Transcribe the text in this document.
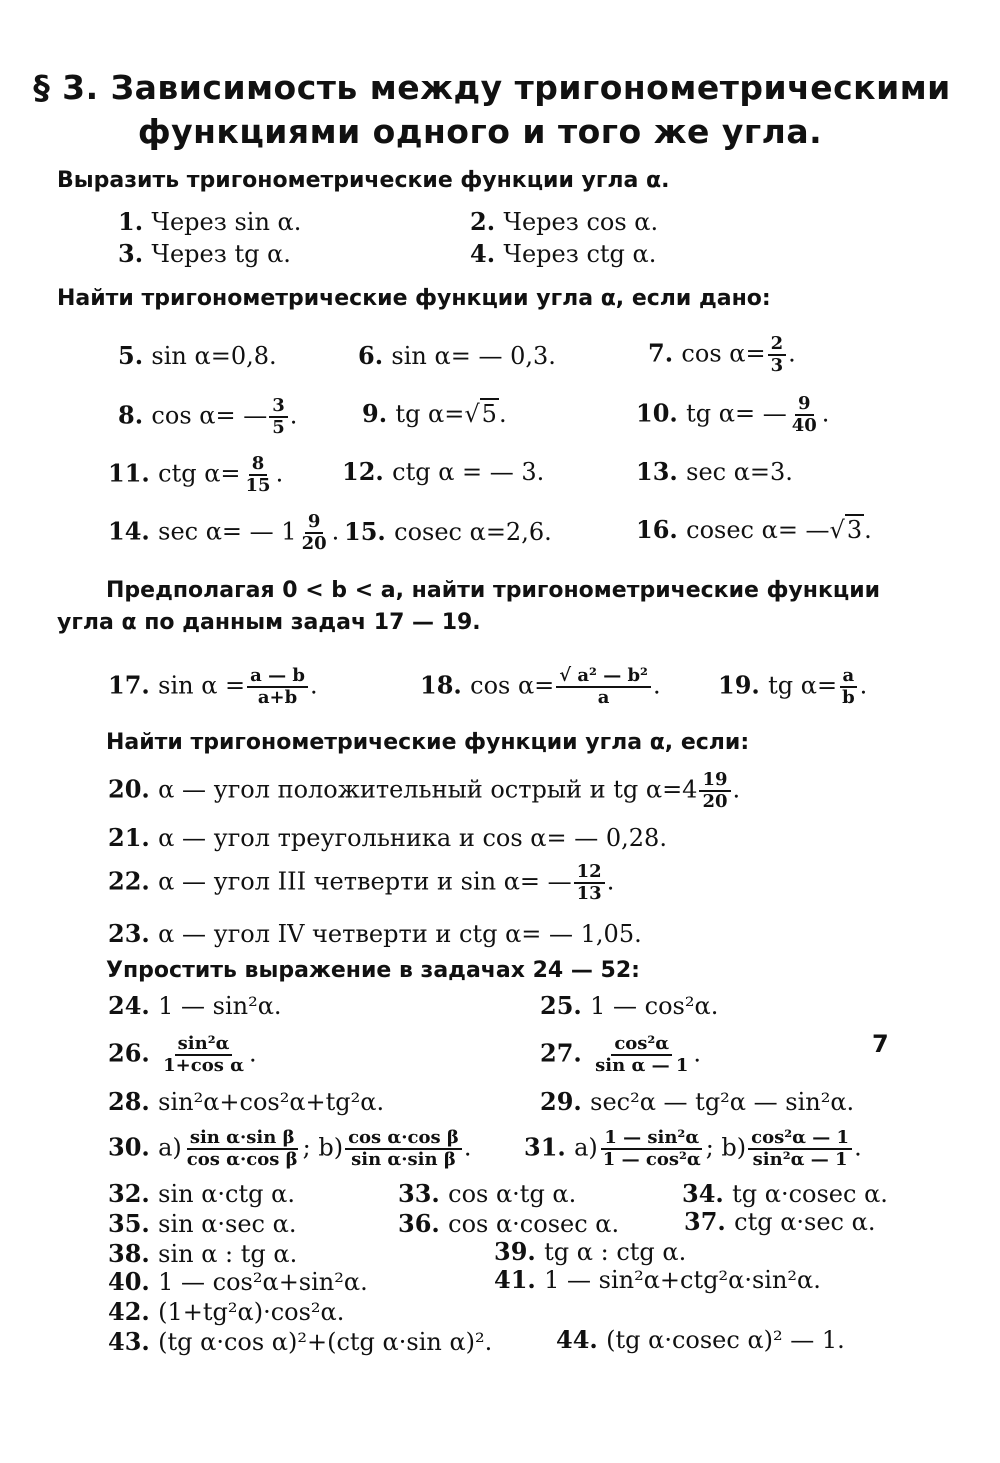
§ 3. Зависимость между тригонометрическими
функциями одного и того же угла.
Выразить тригонометрические функции угла α.
1. Через sin α.	2. Через cos α.
3. Через tg α.	4. Через ctg α.
Найти тригонометрические функции угла α, если дано:
5. sin α=0,8.	6. sin α= — 0,3.	7. $\cos \alpha= \frac{2}{3}$ .
8. cos α= — $\frac{3}{5}$ .	9. tg α=√5.	10. tg α= — $\frac{9}{40}$ .
11. ctg $\alpha= \frac{8}{15}$ . 12. ctg α = — 3.	13. sec α=3.
14. sec α= — $1 \frac{9}{20}$ . 15. cosec α=2,6.	16. cosec α= —√3.
Предполагая 0 < b < a, найти тригонометрические функции
угла α по данным задач 17 — 19.
17. $\sin \alpha = \frac{a — b}{a+b}$ .	18. $\cos \alpha= \frac{\text{√ a² — b²}}{a}$ . 19. tg $\alpha= \frac{a}{b}$ .
Найти тригонометрические функции угла α, если:
20. α — угол положительный острый и tg $\alpha=4 \frac{19}{20}$ .
21. α — угол треугольника и cos α= — 0,28.
22. α — угол III четверти и sin α= — $\frac{12}{13}$ .
23. α — угол IV четверти и ctg α= — 1,05.
Упростить выражение в задачах 24 — 52:
24. 1 — sin²α.	25. 1 — cos²α.
26. $\frac{\text{sin²α}}{\text{1+cos α}}$ .	27. $\frac{\text{cos²α}}{\text{sin α — 1}}$ .
28. sin²α+cos²α+tg²α.	29. sec²α — tg²α — sin²α.
30. $a) \frac{\text{sin α·sin β}}{\text{cos α·cos β}}$ ; $b) \frac{\text{cos α·cos β}}{\text{sin α·sin β}}$ . 31. $a) \frac{\text{1 — sin²α}}{\text{1 — cos²α}}$ ; $b) \frac{\text{cos²α — 1}}{\text{sin²α — 1}}$ .
32. sin α·ctg α.	33. cos α·tg α.	34. tg α·cosec α.
35. sin α·sec α.	36. cos α·cosec α.	37. ctg α·sec α.
38. sin α : tg α.	39. tg α : ctg α.
40. 1 — cos²α+sin²α.	41. 1 — sin²α+ctg²α·sin²α.
42. (1+tg²α)·cos²α.
43. (tg α·cos α)²+(ctg α·sin α)².	44. (tg α·cosec α)² — 1.
7
